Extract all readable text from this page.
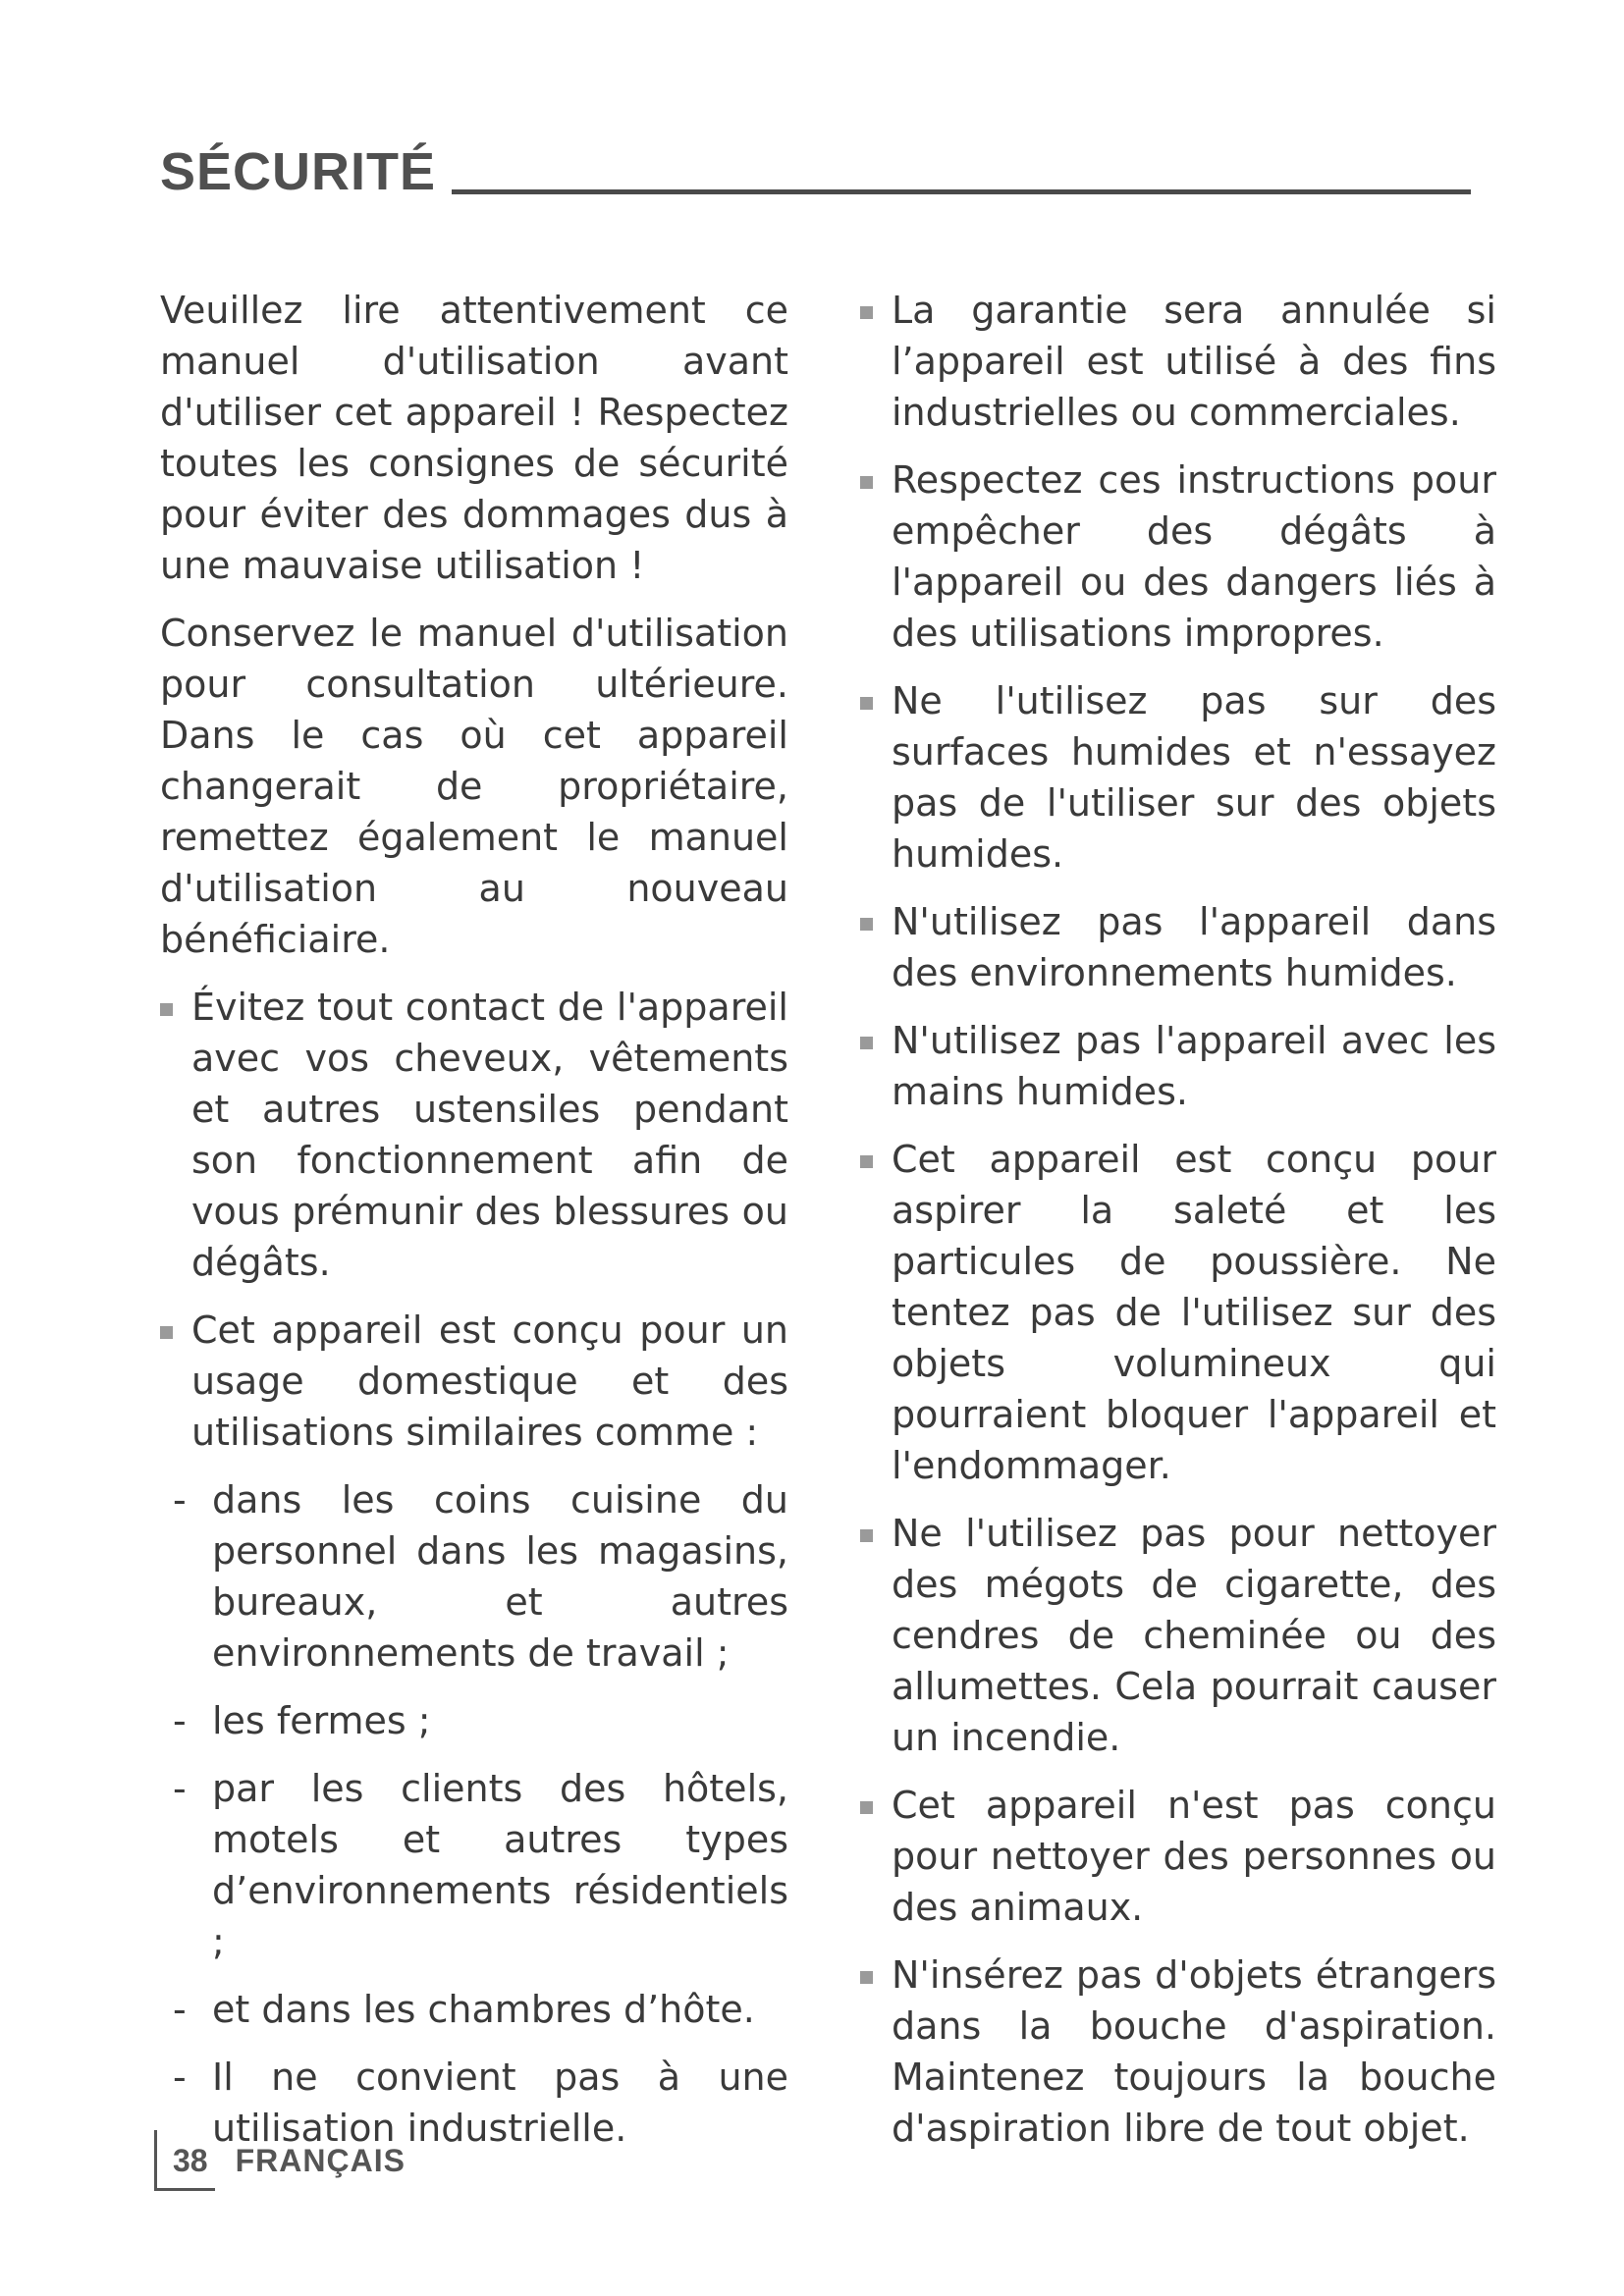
SÉCURITÉ

Veuillez lire attentivement ce manuel d'utilisation avant d'utiliser cet appareil ! Respectez toutes les consignes de sécurité pour éviter des dommages dus à une mauvaise utilisation !

Conservez le manuel d'utilisation pour consultation ultérieure. Dans le cas où cet appareil changerait de propriétaire, remettez également le manuel d'utilisation au nouveau bénéficiaire.

Évitez tout contact de l'appareil avec vos cheveux, vêtements et autres ustensiles pendant son fonctionnement afin de vous prémunir des blessures ou dégâts.
Cet appareil est conçu pour un usage domestique et des utilisations similaires comme :
- dans les coins cuisine du personnel dans les magasins, bureaux, et autres environnements de travail ;
- les fermes ;
- par les clients des hôtels, motels et autres types d’environnements résidentiels ;
- et dans les chambres d’hôte.
- Il ne convient pas à une utilisation industrielle.
La garantie sera annulée si l’appareil est utilisé à des fins industrielles ou commerciales.
Respectez ces instructions pour empêcher des dégâts à l'appareil ou des dangers liés à des utilisations impropres.
Ne l'utilisez pas sur des surfaces humides et n'essayez pas de l'utiliser sur des objets humides.
N'utilisez pas l'appareil dans des environnements humides.
N'utilisez pas l'appareil avec les mains humides.
Cet appareil est conçu pour aspirer la saleté et les particules de poussière. Ne tentez pas de l'utilisez sur des objets volumineux qui pourraient bloquer l'appareil et l'endommager.
Ne l'utilisez pas pour nettoyer des mégots de cigarette, des cendres de cheminée ou des allumettes. Cela pourrait causer un incendie.
Cet appareil n'est pas conçu pour nettoyer des personnes ou des animaux.
N'insérez pas d'objets étrangers dans la bouche d'aspiration. Maintenez toujours la bouche d'aspiration libre de tout objet.
38 FRANÇAIS
